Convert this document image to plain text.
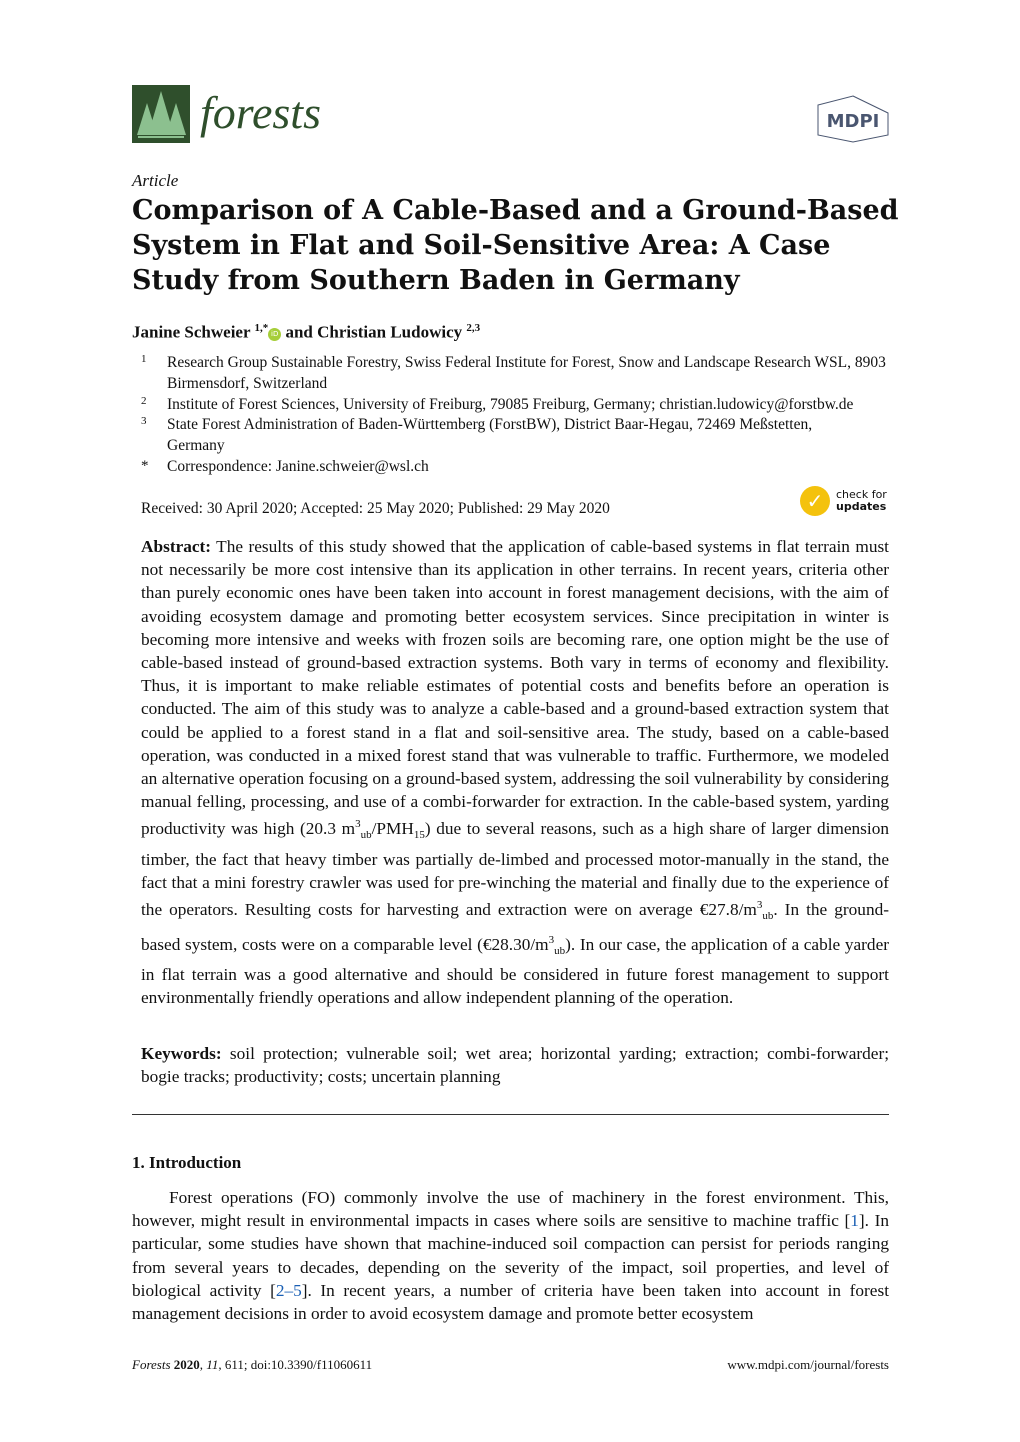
forests	MDPI
Article
Comparison of A Cable-Based and a Ground-Based System in Flat and Soil-Sensitive Area: A Case Study from Southern Baden in Germany
Janine Schweier $^{1,*}$ iD and Christian Ludowicy $^{2,3}$
1 Research Group Sustainable Forestry, Swiss Federal Institute for Forest, Snow and Landscape Research WSL, 8903 Birmensdorf, Switzerland
2 Institute of Forest Sciences, University of Freiburg, 79085 Freiburg, Germany; christian.ludowicy@forstbw.de
3 State Forest Administration of Baden-Württemberg (ForstBW), District Baar-Hegau, 72469 Meßstetten, Germany
* Correspondence: Janine.schweier@wsl.ch
Received: 30 April 2020; Accepted: 25 May 2020; Published: 29 May 2020	✓	check for
updates
Abstract: The results of this study showed that the application of cable-based systems in flat terrain must not necessarily be more cost intensive than its application in other terrains. In recent years, criteria other than purely economic ones have been taken into account in forest management decisions, with the aim of avoiding ecosystem damage and promoting better ecosystem services. Since precipitation in winter is becoming more intensive and weeks with frozen soils are becoming rare, one option might be the use of cable-based instead of ground-based extraction systems. Both vary in terms of economy and flexibility. Thus, it is important to make reliable estimates of potential costs and benefits before an operation is conducted. The aim of this study was to analyze a cable-based and a ground-based extraction system that could be applied to a forest stand in a flat and soil-sensitive area. The study, based on a cable-based operation, was conducted in a mixed forest stand that was vulnerable to traffic. Furthermore, we modeled an alternative operation focusing on a ground-based system, addressing the soil vulnerability by considering manual felling, processing, and use of a combi-forwarder for extraction. In the cable-based system, yarding productivity was high (20.3 $m^3_{ub}/PMH_{15}$) due to several reasons, such as a high share of larger dimension timber, the fact that heavy timber was partially de-limbed and processed motor-manually in the stand, the fact that a mini forestry crawler was used for pre-winching the material and finally due to the experience of the operators. Resulting costs for harvesting and extraction were on average $€27.8/m^3_{ub}$. In the ground-based system, costs were on a comparable level $(€28.30/m^3_{ub})$. In our case, the application of a cable yarder in flat terrain was a good alternative and should be considered in future forest management to support environmentally friendly operations and allow independent planning of the operation.
Keywords: soil protection; vulnerable soil; wet area; horizontal yarding; extraction; combi-forwarder; bogie tracks; productivity; costs; uncertain planning
1. Introduction
Forest operations (FO) commonly involve the use of machinery in the forest environment. This, however, might result in environmental impacts in cases where soils are sensitive to machine traffic [1]. In particular, some studies have shown that machine-induced soil compaction can persist for periods ranging from several years to decades, depending on the severity of the impact, soil properties, and level of biological activity [2–5]. In recent years, a number of criteria have been taken into account in forest management decisions in order to avoid ecosystem damage and promote better ecosystem
Forests 2020, 11, 611; doi:10.3390/f11060611	www.mdpi.com/journal/forests
